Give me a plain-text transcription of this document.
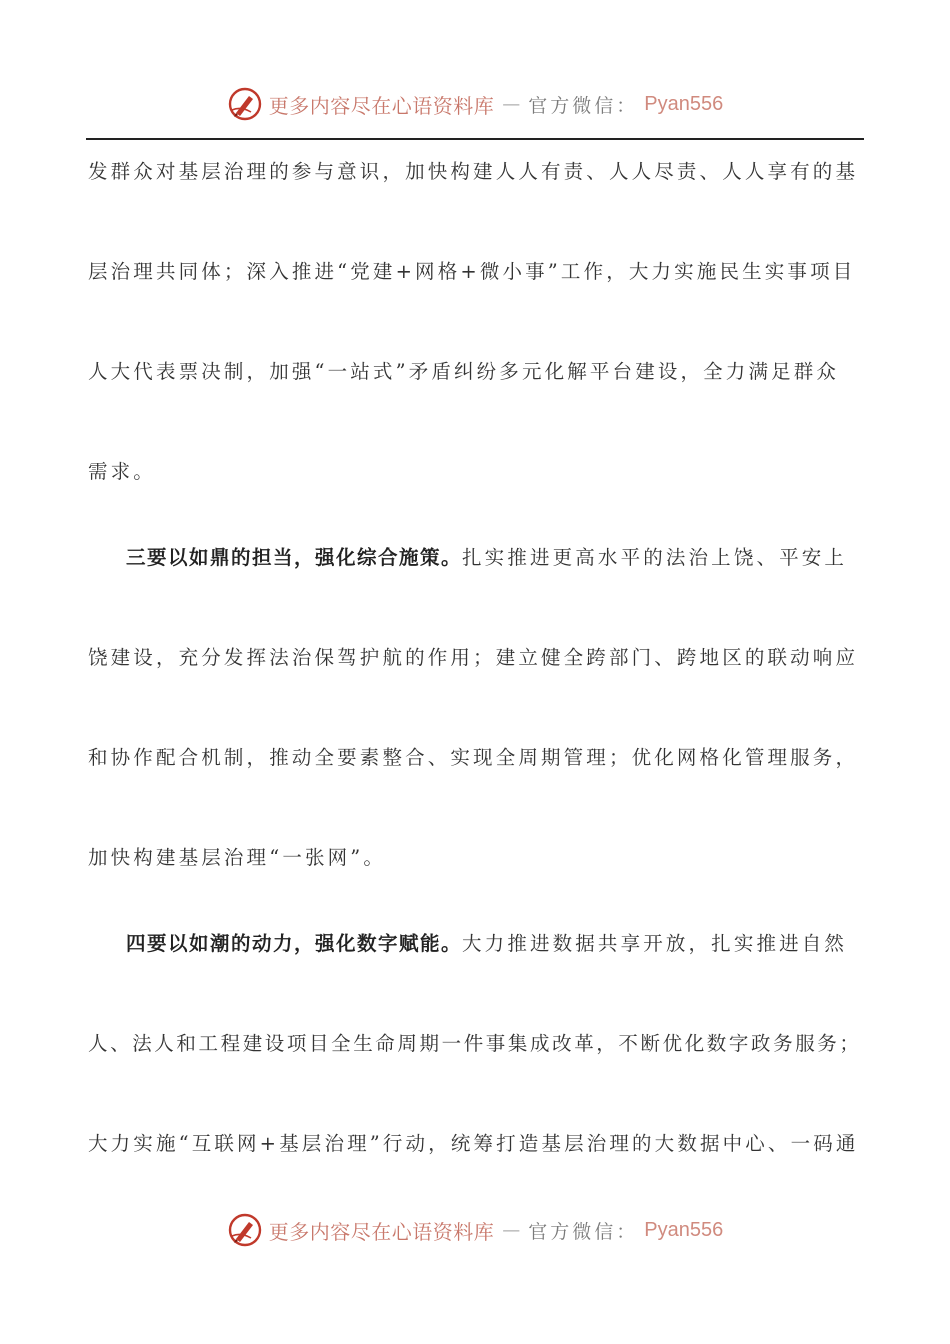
更多内容尽在心语资料库 — 官方微信： Pyan556
发群众对基层治理的参与意识，加快构建人人有责、人人尽责、人人享有的基
层治理共同体；深入推进“党建+网格+微小事”工作，大力实施民生实事项目
人大代表票决制，加强“一站式”矛盾纠纷多元化解平台建设，全力满足群众
需求。
三要以如鼎的担当，强化综合施策。扎实推进更高水平的法治上饶、平安上
饶建设，充分发挥法治保驾护航的作用；建立健全跨部门、跨地区的联动响应
和协作配合机制，推动全要素整合、实现全周期管理；优化网格化管理服务，
加快构建基层治理“一张网”。
四要以如潮的动力，强化数字赋能。大力推进数据共享开放，扎实推进自然
人、法人和工程建设项目全生命周期一件事集成改革，不断优化数字政务服务；
大力实施“互联网+基层治理”行动，统筹打造基层治理的大数据中心、一码通
更多内容尽在心语资料库 — 官方微信： Pyan556
